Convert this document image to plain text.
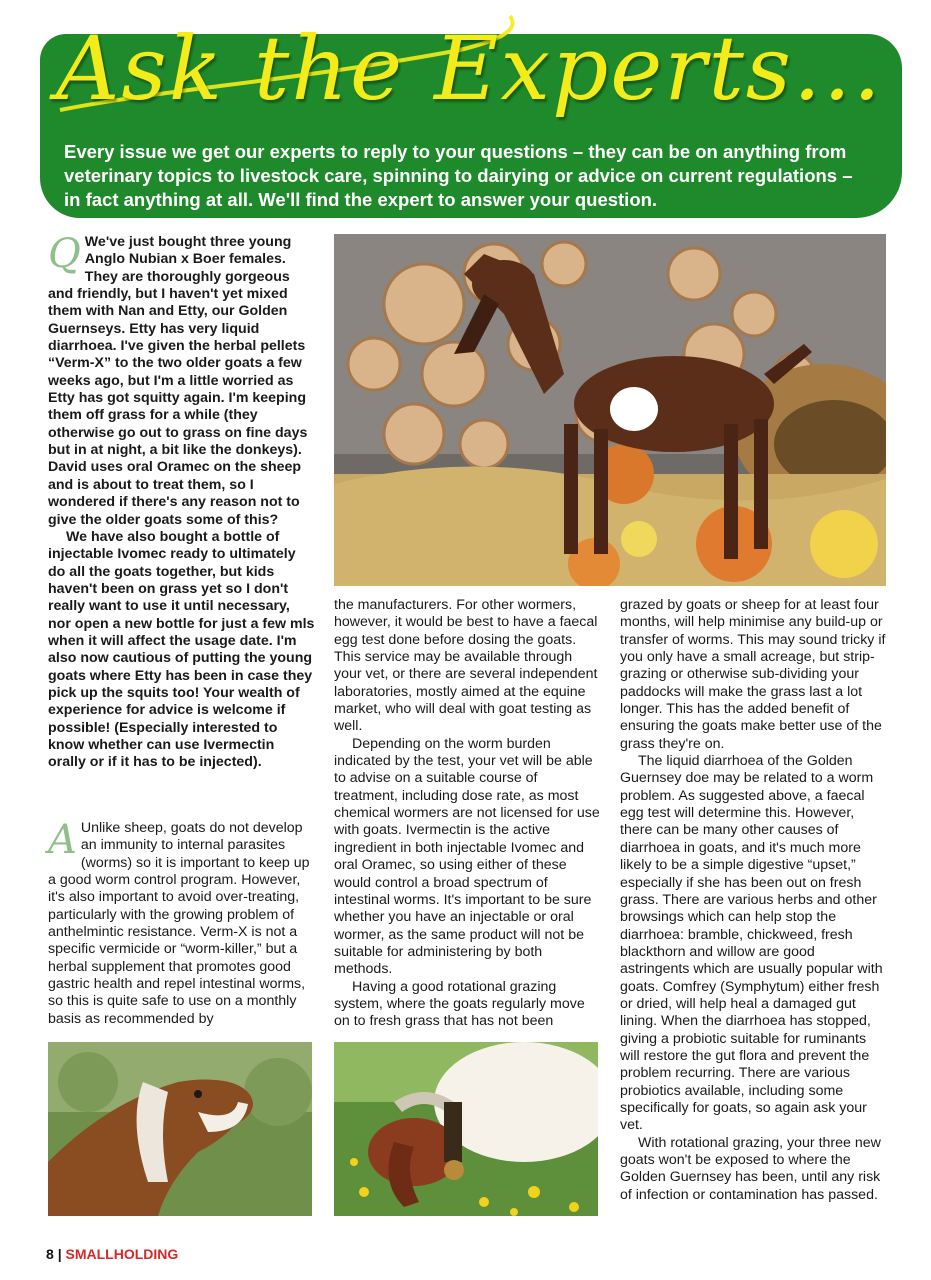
Ask the Experts...
Every issue we get our experts to reply to your questions – they can be on anything from veterinary topics to livestock care, spinning to dairying or advice on current regulations – in fact anything at all. We'll find the expert to answer your question.
Q We've just bought three young Anglo Nubian x Boer females. They are thoroughly gorgeous and friendly, but I haven't yet mixed them with Nan and Etty, our Golden Guernseys. Etty has very liquid diarrhoea. I've given the herbal pellets “Verm-X” to the two older goats a few weeks ago, but I'm a little worried as Etty has got squitty again. I'm keeping them off grass for a while (they otherwise go out to grass on fine days but in at night, a bit like the donkeys). David uses oral Oramec on the sheep and is about to treat them, so I wondered if there's any reason not to give the older goats some of this?

We have also bought a bottle of injectable Ivomec ready to ultimately do all the goats together, but kids haven't been on grass yet so I don't really want to use it until necessary, nor open a new bottle for just a few mls when it will affect the usage date. I'm also now cautious of putting the young goats where Etty has been in case they pick up the squits too! Your wealth of experience for advice is welcome if possible! (Especially interested to know whether can use Ivermectin orally or if it has to be injected).

A Unlike sheep, goats do not develop an immunity to internal parasites (worms) so it is important to keep up a good worm control program. However, it's also important to avoid over-treating, particularly with the growing problem of anthelmintic resistance. Verm-X is not a specific vermicide or “worm-killer,” but a herbal supplement that promotes good gastric health and repel intestinal worms, so this is quite safe to use on a monthly basis as recommended by

the manufacturers. For other wormers, however, it would be best to have a faecal egg test done before dosing the goats. This service may be available through your vet, or there are several independent laboratories, mostly aimed at the equine market, who will deal with goat testing as well.

Depending on the worm burden indicated by the test, your vet will be able to advise on a suitable course of treatment, including dose rate, as most chemical wormers are not licensed for use with goats. Ivermectin is the active ingredient in both injectable Ivomec and oral Oramec, so using either of these would control a broad spectrum of intestinal worms. It's important to be sure whether you have an injectable or oral wormer, as the same product will not be suitable for administering by both methods.

Having a good rotational grazing system, where the goats regularly move on to fresh grass that has not been

grazed by goats or sheep for at least four months, will help minimise any build-up or transfer of worms. This may sound tricky if you only have a small acreage, but strip-grazing or otherwise sub-dividing your paddocks will make the grass last a lot longer. This has the added benefit of ensuring the goats make better use of the grass they're on.

The liquid diarrhoea of the Golden Guernsey doe may be related to a worm problem. As suggested above, a faecal egg test will determine this. However, there can be many other causes of diarrhoea in goats, and it's much more likely to be a simple digestive “upset,” especially if she has been out on fresh grass. There are various herbs and other browsings which can help stop the diarrhoea: bramble, chickweed, fresh blackthorn and willow are good astringents which are usually popular with goats. Comfrey (Symphytum) either fresh or dried, will help heal a damaged gut lining. When the diarrhoea has stopped, giving a probiotic suitable for ruminants will restore the gut flora and prevent the problem recurring. There are various probiotics available, including some specifically for goats, so again ask your vet.

With rotational grazing, your three new goats won't be exposed to where the Golden Guernsey has been, until any risk of infection or contamination has passed.

8 | SMALLHOLDING
